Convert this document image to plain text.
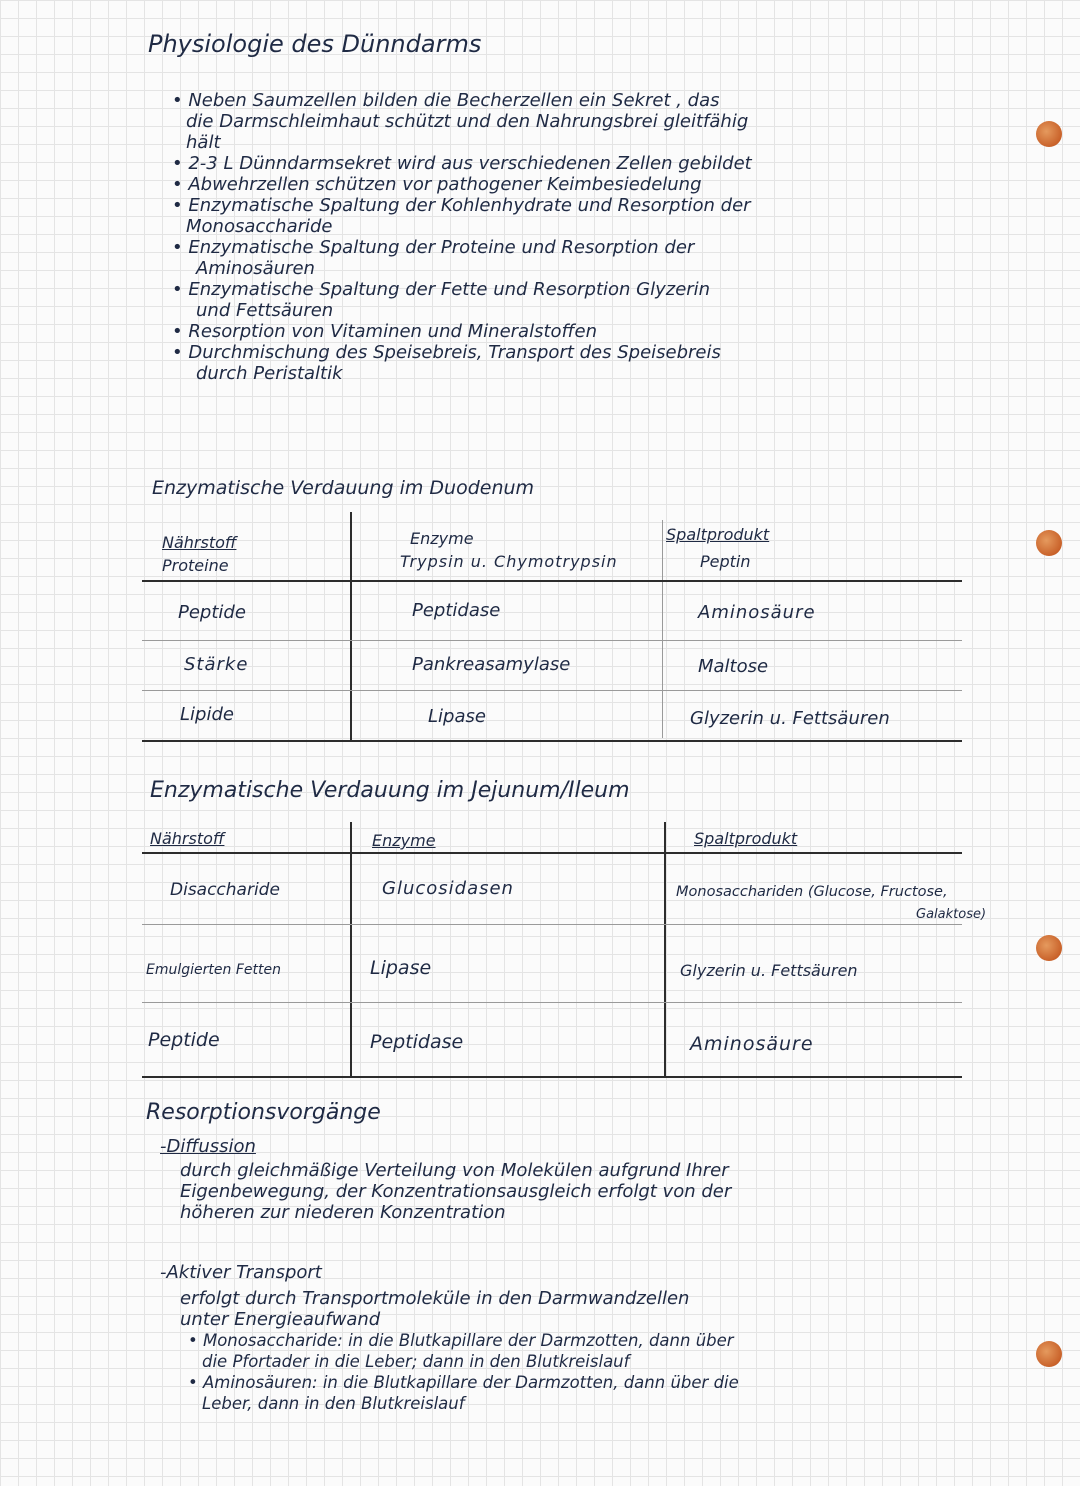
Physiologie des Dünndarms
• Neben Saumzellen bilden die Becherzellen ein Sekret , das
die Darmschleimhaut schützt und den Nahrungsbrei gleitfähig
hält
• 2-3 L Dünndarmsekret wird aus verschiedenen Zellen gebildet
• Abwehrzellen schützen vor pathogener Keimbesiedelung
• Enzymatische Spaltung der Kohlenhydrate und Resorption der
Monosaccharide
• Enzymatische Spaltung der Proteine und Resorption der
Aminosäuren
• Enzymatische Spaltung der Fette und Resorption Glyzerin
und Fettsäuren
• Resorption von Vitaminen und Mineralstoffen
• Durchmischung des Speisebreis, Transport des Speisebreis
durch Peristaltik
Enzymatische Verdauung im Duodenum
Nährstoff	Enzyme	Spaltprodukt
Proteine	Trypsin u. Chymotrypsin	Peptin
Peptide	Peptidase	Aminosäure
Stärke	Pankreasamylase	Maltose
Lipide	Lipase	Glyzerin u. Fettsäuren
Enzymatische Verdauung im Jejunum/Ileum
Nährstoff	Enzyme	Spaltprodukt
Disaccharide	Glucosidasen	Monosacchariden (Glucose, Fructose,
Galaktose)
Emulgierten Fetten	Lipase	Glyzerin u. Fettsäuren
Peptide	Peptidase	Aminosäure
Resorptionsvorgänge
-Diffussion
durch gleichmäßige Verteilung von Molekülen aufgrund Ihrer
Eigenbewegung, der Konzentrationsausgleich erfolgt von der
höheren zur niederen Konzentration
-Aktiver Transport
erfolgt durch Transportmoleküle in den Darmwandzellen
unter Energieaufwand
• Monosaccharide: in die Blutkapillare der Darmzotten, dann über
die Pfortader in die Leber; dann in den Blutkreislauf
• Aminosäuren: in die Blutkapillare der Darmzotten, dann über die
Leber, dann in den Blutkreislauf
